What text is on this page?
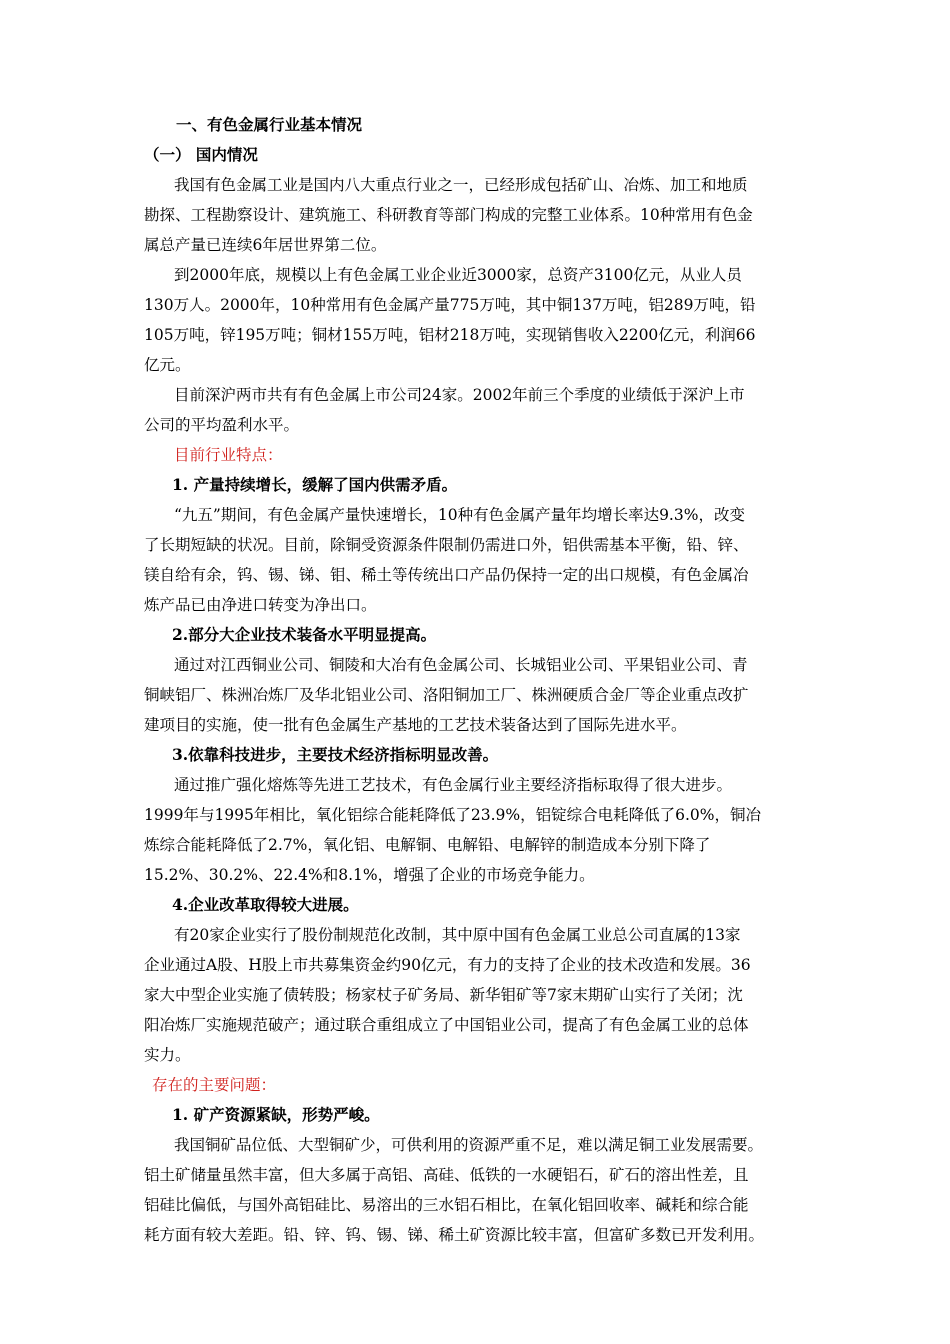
一、有色金属行业基本情况
（一） 国内情况
我国有色金属工业是国内八大重点行业之一，已经形成包括矿山、冶炼、加工和地质
勘探、工程勘察设计、建筑施工、科研教育等部门构成的完整工业体系。10种常用有色金
属总产量已连续6年居世界第二位。
到2000年底，规模以上有色金属工业企业近3000家，总资产3100亿元，从业人员
130万人。2000年，10种常用有色金属产量775万吨，其中铜137万吨，铝289万吨，铅
105万吨，锌195万吨；铜材155万吨，铝材218万吨，实现销售收入2200亿元，利润66
亿元。
目前深沪两市共有有色金属上市公司24家。2002年前三个季度的业绩低于深沪上市
公司的平均盈利水平。
目前行业特点：
1. 产量持续增长，缓解了国内供需矛盾。
“九五”期间，有色金属产量快速增长，10种有色金属产量年均增长率达9.3%，改变
了长期短缺的状况。目前，除铜受资源条件限制仍需进口外，铝供需基本平衡，铅、锌、
镁自给有余，钨、锡、锑、钼、稀土等传统出口产品仍保持一定的出口规模，有色金属冶
炼产品已由净进口转变为净出口。
2.部分大企业技术装备水平明显提高。
通过对江西铜业公司、铜陵和大冶有色金属公司、长城铝业公司、平果铝业公司、青
铜峡铝厂、株洲冶炼厂及华北铝业公司、洛阳铜加工厂、株洲硬质合金厂等企业重点改扩
建项目的实施，使一批有色金属生产基地的工艺技术装备达到了国际先进水平。
3.依靠科技进步，主要技术经济指标明显改善。
通过推广强化熔炼等先进工艺技术，有色金属行业主要经济指标取得了很大进步。
1999年与1995年相比，氧化铝综合能耗降低了23.9%，铝锭综合电耗降低了6.0%，铜冶
炼综合能耗降低了2.7%，氧化铝、电解铜、电解铅、电解锌的制造成本分别下降了
15.2%、30.2%、22.4%和8.1%，增强了企业的市场竞争能力。
4.企业改革取得较大进展。
有20家企业实行了股份制规范化改制，其中原中国有色金属工业总公司直属的13家
企业通过A股、H股上市共募集资金约90亿元，有力的支持了企业的技术改造和发展。36
家大中型企业实施了债转股；杨家杖子矿务局、新华钼矿等7家末期矿山实行了关闭；沈
阳冶炼厂实施规范破产；通过联合重组成立了中国铝业公司，提高了有色金属工业的总体
实力。
存在的主要问题：
1. 矿产资源紧缺，形势严峻。
我国铜矿品位低、大型铜矿少，可供利用的资源严重不足，难以满足铜工业发展需要。
铝土矿储量虽然丰富，但大多属于高铝、高硅、低铁的一水硬铝石，矿石的溶出性差，且
铝硅比偏低，与国外高铝硅比、易溶出的三水铝石相比，在氧化铝回收率、碱耗和综合能
耗方面有较大差距。铅、锌、钨、锡、锑、稀土矿资源比较丰富，但富矿多数已开发利用。
